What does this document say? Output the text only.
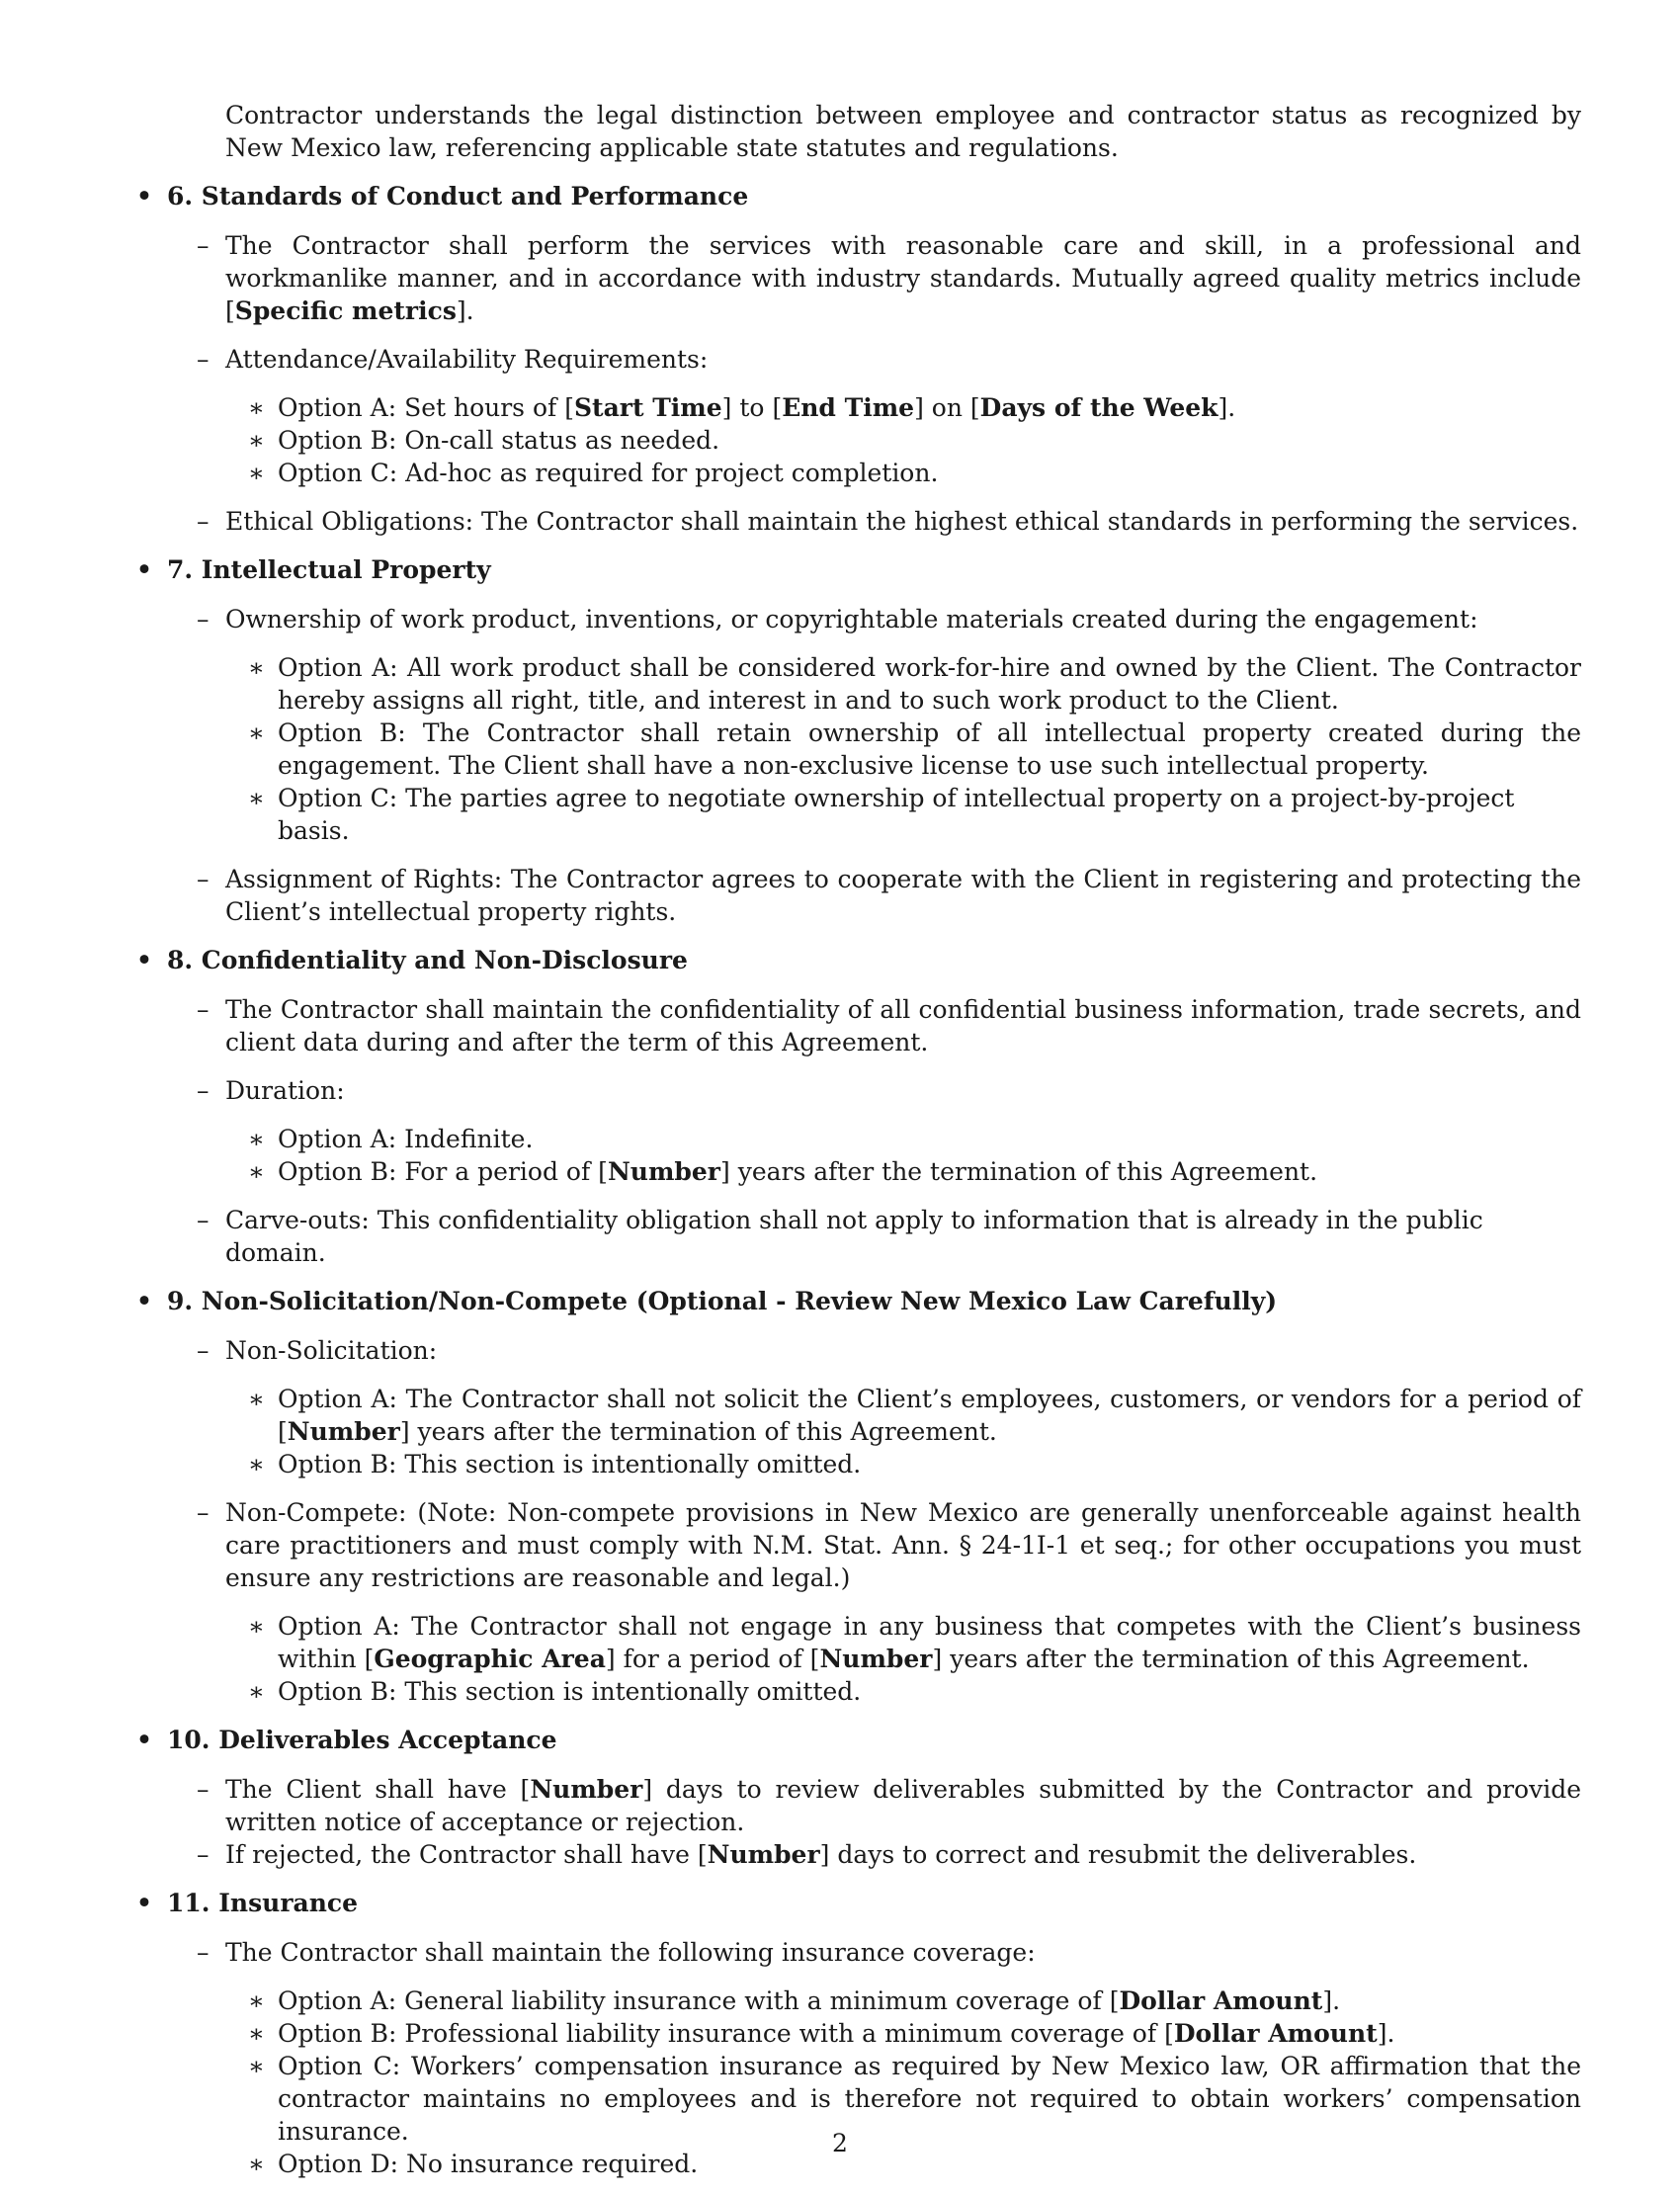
Contractor understands the legal distinction between employee and contractor status as recognized by New Mexico law, referencing applicable state statutes and regulations.
• 6. Standards of Conduct and Performance
– The Contractor shall perform the services with reasonable care and skill, in a professional and workmanlike manner, and in accordance with industry standards. Mutually agreed quality metrics include [Specific metrics].
– Attendance/Availability Requirements:
∗ Option A: Set hours of [Start Time] to [End Time] on [Days of the Week].
∗ Option B: On-call status as needed.
∗ Option C: Ad-hoc as required for project completion.
– Ethical Obligations: The Contractor shall maintain the highest ethical standards in performing the services.
• 7. Intellectual Property
– Ownership of work product, inventions, or copyrightable materials created during the engagement:
∗ Option A: All work product shall be considered work-for-hire and owned by the Client. The Contractor hereby assigns all right, title, and interest in and to such work product to the Client.
∗ Option B: The Contractor shall retain ownership of all intellectual property created during the engagement. The Client shall have a non-exclusive license to use such intellectual property.
∗ Option C: The parties agree to negotiate ownership of intellectual property on a project-by-project basis.
– Assignment of Rights: The Contractor agrees to cooperate with the Client in registering and protecting the Client’s intellectual property rights.
• 8. Confidentiality and Non-Disclosure
– The Contractor shall maintain the confidentiality of all confidential business information, trade secrets, and client data during and after the term of this Agreement.
– Duration:
∗ Option A: Indefinite.
∗ Option B: For a period of [Number] years after the termination of this Agreement.
– Carve-outs: This confidentiality obligation shall not apply to information that is already in the public domain.
• 9. Non-Solicitation/Non-Compete (Optional - Review New Mexico Law Carefully)
– Non-Solicitation:
∗ Option A: The Contractor shall not solicit the Client’s employees, customers, or vendors for a period of [Number] years after the termination of this Agreement.
∗ Option B: This section is intentionally omitted.
– Non-Compete: (Note: Non-compete provisions in New Mexico are generally unenforceable against health care practitioners and must comply with N.M. Stat. Ann. § 24-1I-1 et seq.; for other occupations you must ensure any restrictions are reasonable and legal.)
∗ Option A: The Contractor shall not engage in any business that competes with the Client’s business within [Geographic Area] for a period of [Number] years after the termination of this Agreement.
∗ Option B: This section is intentionally omitted.
• 10. Deliverables Acceptance
– The Client shall have [Number] days to review deliverables submitted by the Contractor and provide written notice of acceptance or rejection.
– If rejected, the Contractor shall have [Number] days to correct and resubmit the deliverables.
• 11. Insurance
– The Contractor shall maintain the following insurance coverage:
∗ Option A: General liability insurance with a minimum coverage of [Dollar Amount].
∗ Option B: Professional liability insurance with a minimum coverage of [Dollar Amount].
∗ Option C: Workers’ compensation insurance as required by New Mexico law, OR affirmation that the contractor maintains no employees and is therefore not required to obtain workers’ compensation insurance.
∗ Option D: No insurance required.
2
